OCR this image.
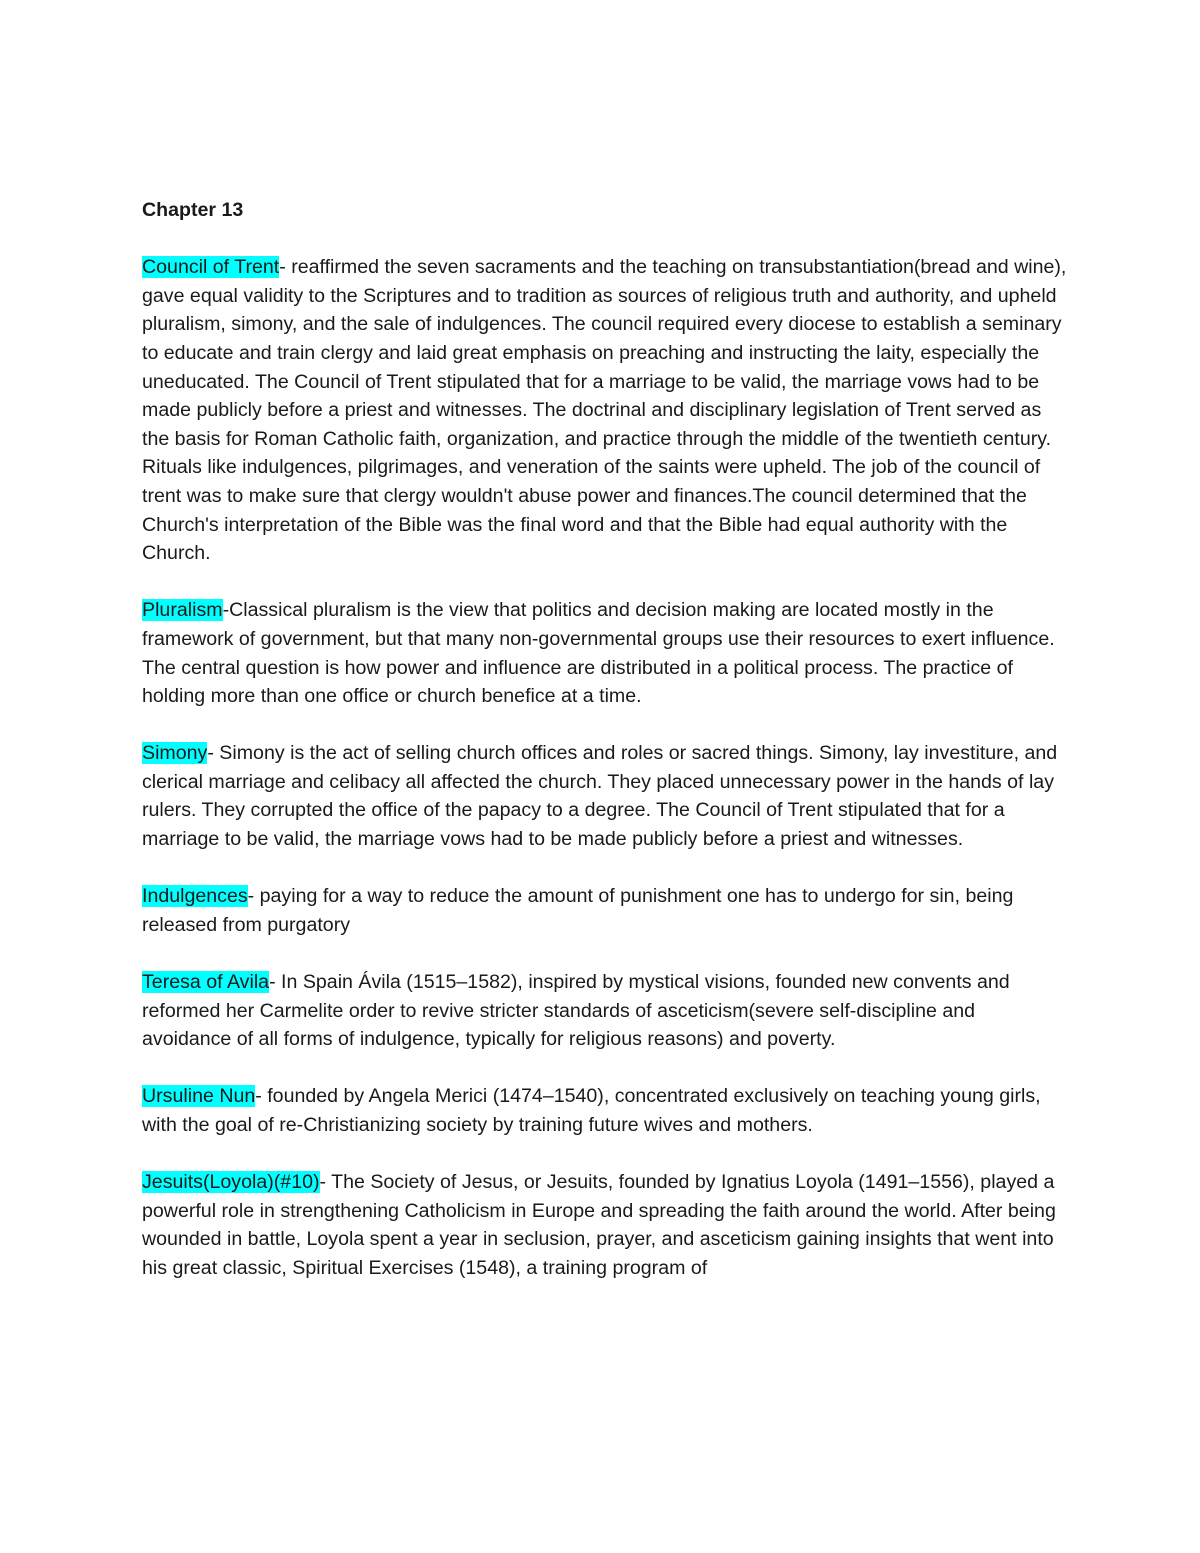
Chapter 13

Council of Trent- reaffirmed the seven sacraments and the teaching on transubstantiation(bread and wine), gave equal validity to the Scriptures and to tradition as sources of religious truth and authority, and upheld pluralism, simony, and the sale of indulgences. The council required every diocese to establish a seminary to educate and train clergy and laid great emphasis on preaching and instructing the laity, especially the uneducated. The Council of Trent stipulated that for a marriage to be valid, the marriage vows had to be made publicly before a priest and witnesses. The doctrinal and disciplinary legislation of Trent served as the basis for Roman Catholic faith, organization, and practice through the middle of the twentieth century. Rituals like indulgences, pilgrimages, and veneration of the saints were upheld. The job of the council of trent was to make sure that clergy wouldn't abuse power and finances.The council determined that the Church's interpretation of the Bible was the final word and that the Bible had equal authority with the Church.

Pluralism-Classical pluralism is the view that politics and decision making are located mostly in the framework of government, but that many non-governmental groups use their resources to exert influence. The central question is how power and influence are distributed in a political process. The practice of holding more than one office or church benefice at a time.

Simony- Simony is the act of selling church offices and roles or sacred things. Simony, lay investiture, and clerical marriage and celibacy all affected the church. They placed unnecessary power in the hands of lay rulers. They corrupted the office of the papacy to a degree. The Council of Trent stipulated that for a marriage to be valid, the marriage vows had to be made publicly before a priest and witnesses.

Indulgences- paying for a way to reduce the amount of punishment one has to undergo for sin, being released from purgatory

Teresa of Avila- In Spain Ávila (1515–1582), inspired by mystical visions, founded new convents and reformed her Carmelite order to revive stricter standards of asceticism(severe self-discipline and avoidance of all forms of indulgence, typically for religious reasons) and poverty.

Ursuline Nun- founded by Angela Merici (1474–1540), concentrated exclusively on teaching young girls, with the goal of re-Christianizing society by training future wives and mothers.

Jesuits(Loyola)(#10)- The Society of Jesus, or Jesuits, founded by Ignatius Loyola (1491–1556), played a powerful role in strengthening Catholicism in Europe and spreading the faith around the world. After being wounded in battle, Loyola spent a year in seclusion, prayer, and asceticism gaining insights that went into his great classic, Spiritual Exercises (1548), a training program of
